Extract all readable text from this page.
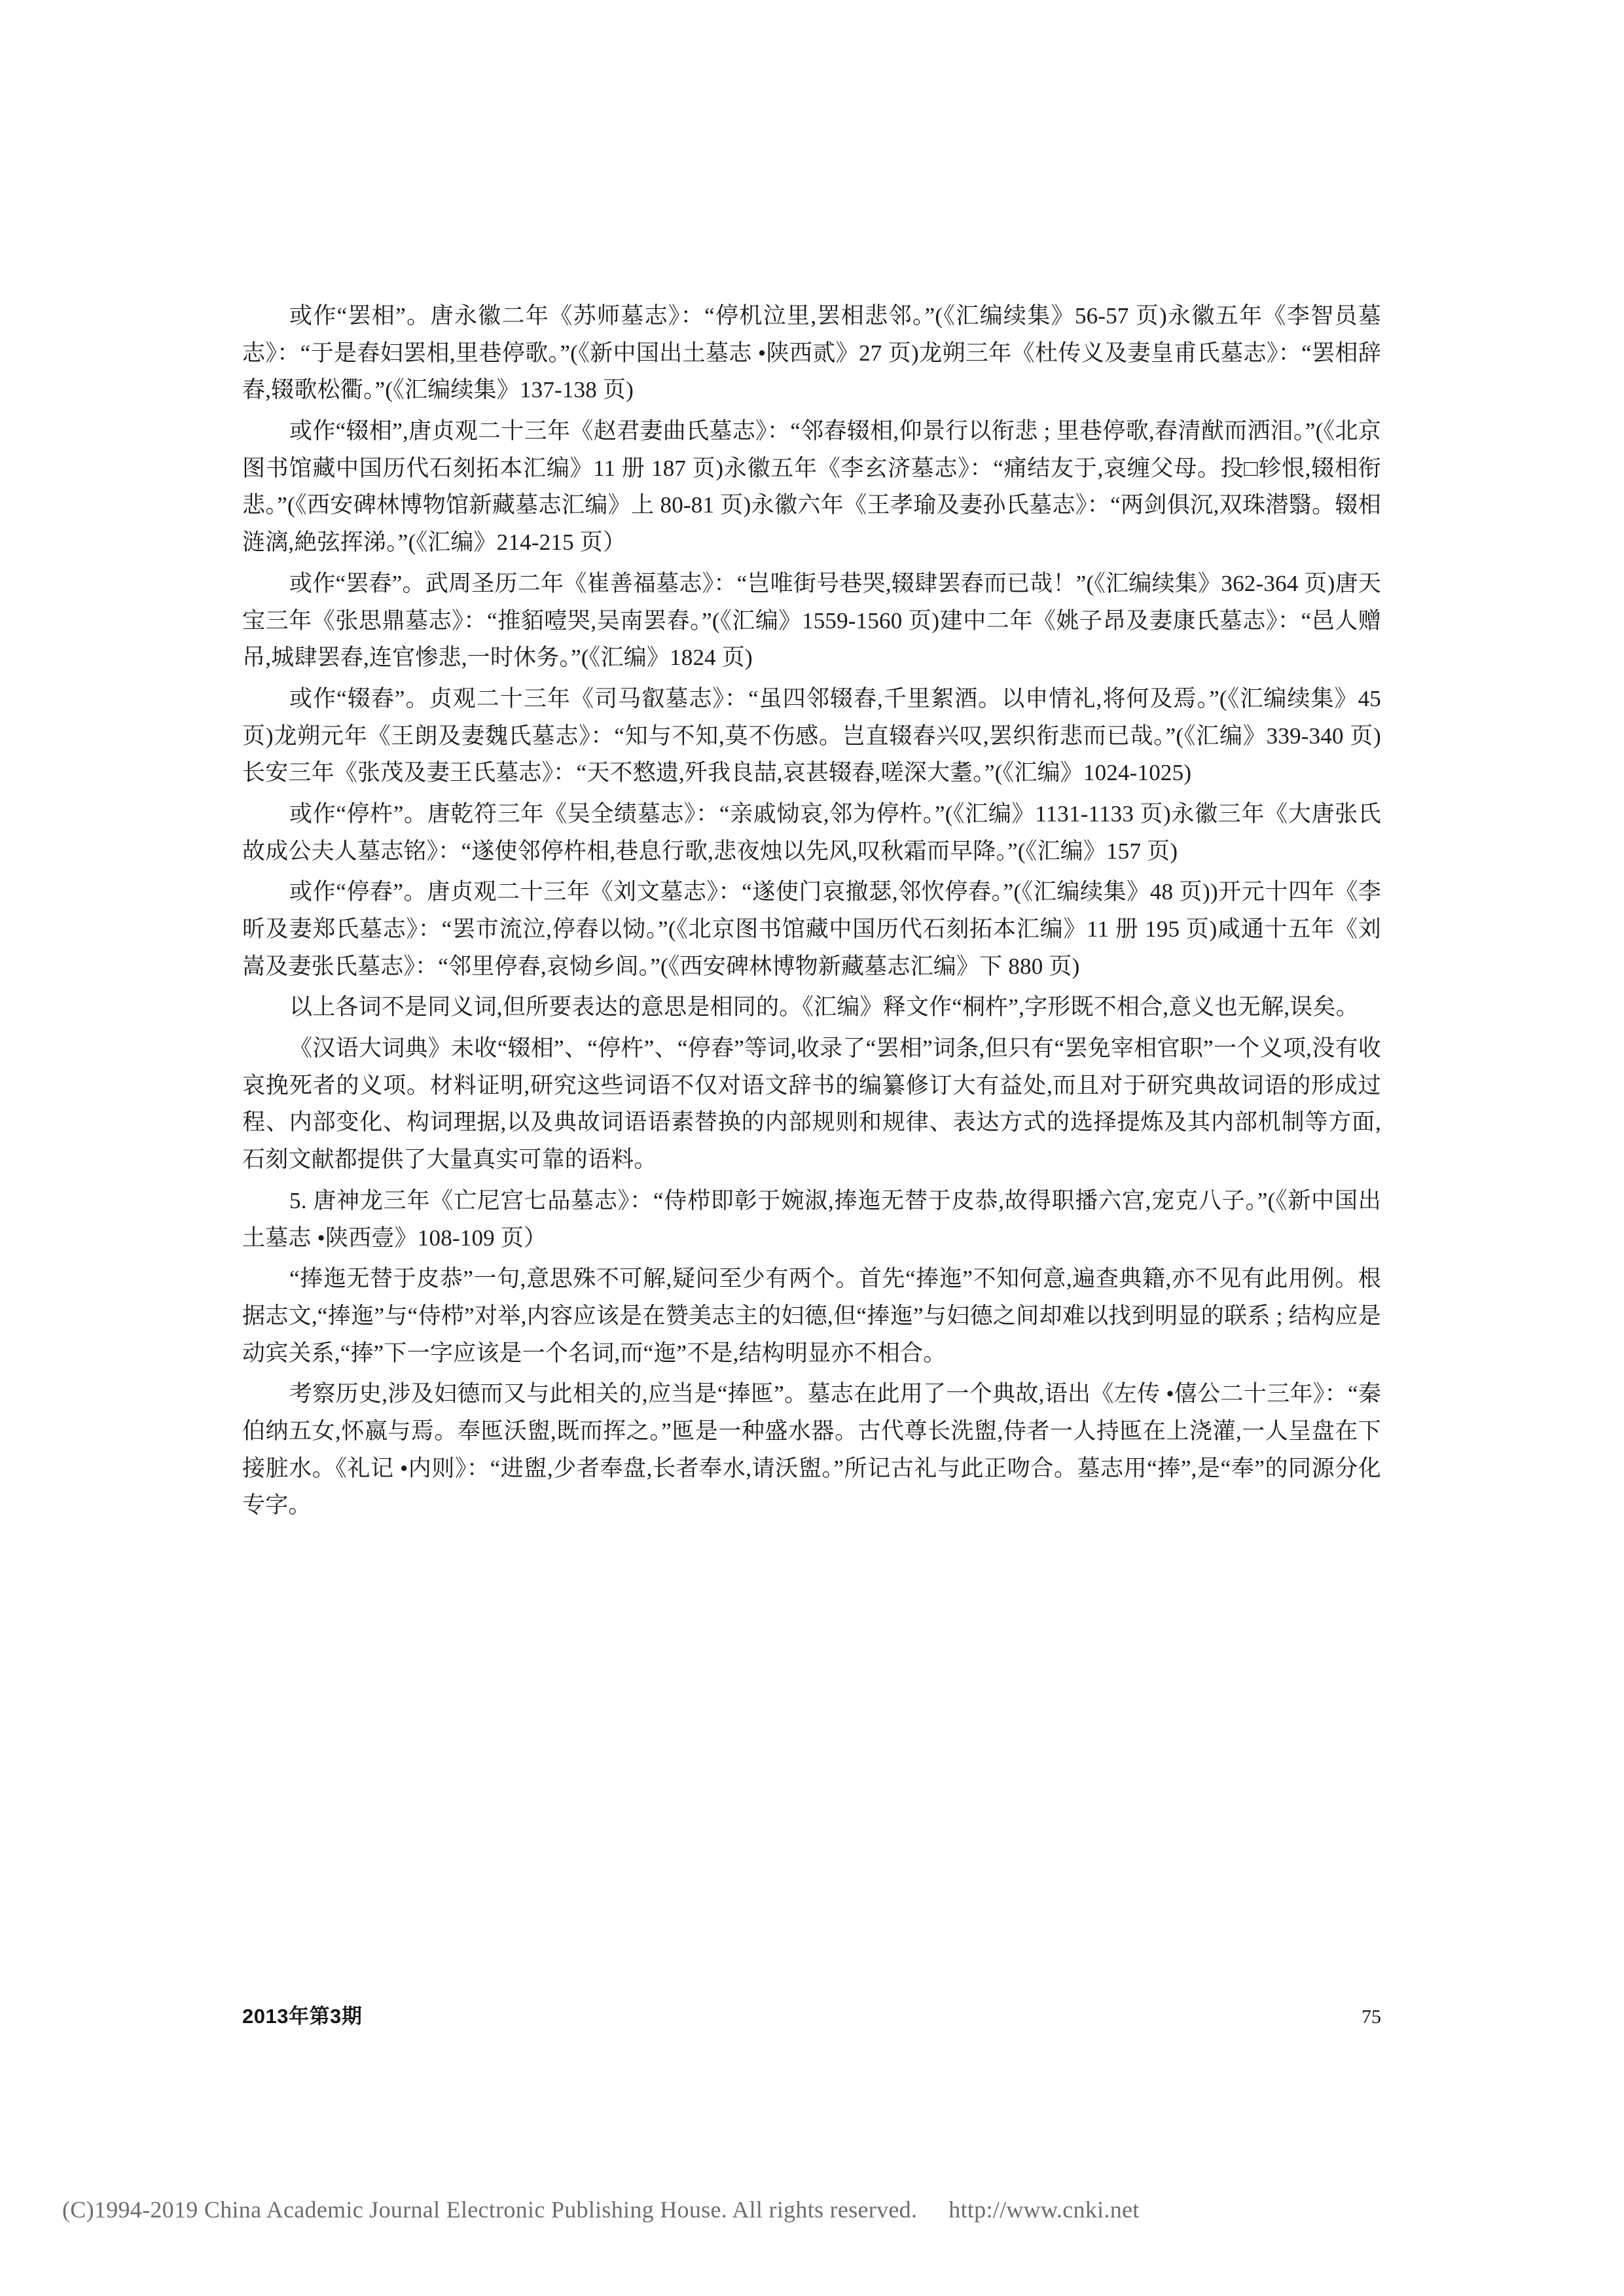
或作“罢相”。唐永徽二年《苏师墓志》：“停机泣里,罢相悲邻。”(《汇编续集》56-57 页)永徽五年《李智员墓志》：“于是舂妇罢相,里巷停歌。”(《新中国出土墓志 •陕西贰》27 页)龙朔三年《杜传义及妻皇甫氏墓志》：“罢相辞舂,辍歌松衢。”(《汇编续集》137-138 页)

或作“辍相”,唐贞观二十三年《赵君妻曲氏墓志》：“邻舂辍相,仰景行以衔悲 ; 里巷停歌,舂清猷而洒泪。”(《北京图书馆藏中国历代石刻拓本汇编》11 册 187 页)永徽五年《李玄济墓志》：“痛结友于,哀缠父母。投□轸恨,辍相衔悲。”(《西安碑林博物馆新藏墓志汇编》上 80-81 页)永徽六年《王孝瑜及妻孙氏墓志》：“两剑俱沉,双珠潜翳。辍相涟漓,絶弦挥涕。”(《汇编》214-215 页）

或作“罢舂”。武周圣历二年《崔善福墓志》：“岂唯街号巷哭,辍肆罢舂而已哉！”(《汇编续集》362-364 页)唐天宝三年《张思鼎墓志》：“推貊噎哭,吴南罢舂。”(《汇编》1559-1560 页)建中二年《姚子昂及妻康氏墓志》：“邑人赠吊,城肆罢舂,连官惨悲,一时休务。”(《汇编》1824 页)

或作“辍舂”。贞观二十三年《司马叡墓志》：“虽四邻辍舂,千里絮酒。以申情礼,将何及焉。”(《汇编续集》45 页)龙朔元年《王朗及妻魏氏墓志》：“知与不知,莫不伤感。岂直辍舂兴叹,罢织衔悲而已哉。”(《汇编》339-340 页)长安三年《张茂及妻王氏墓志》：“天不憗遗,歼我良喆,哀甚辍舂,嗟深大耋。”(《汇编》1024-1025)

或作“停杵”。唐乾符三年《吴全绩墓志》：“亲戚恸哀,邻为停杵。”(《汇编》1131-1133 页)永徽三年《大唐张氏故成公夫人墓志铭》：“遂使邻停杵相,巷息行歌,悲夜烛以先风,叹秋霜而早降。”(《汇编》157 页)

或作“停舂”。唐贞观二十三年《刘文墓志》：“遂使门哀撤瑟,邻忺停舂。”(《汇编续集》48 页))开元十四年《李昕及妻郑氏墓志》：“罢市流泣,停舂以恸。”(《北京图书馆藏中国历代石刻拓本汇编》11 册 195 页)咸通十五年《刘嵩及妻张氏墓志》：“邻里停舂,哀恸乡闾。”(《西安碑林博物新藏墓志汇编》下 880 页)

以上各词不是同义词,但所要表达的意思是相同的。《汇编》释文作“桐杵”,字形既不相合,意义也无解,误矣。

《汉语大词典》未收“辍相”、“停杵”、“停舂”等词,收录了“罢相”词条,但只有“罢免宰相官职”一个义项,没有收哀挽死者的义项。材料证明,研究这些词语不仅对语文辞书的编纂修订大有益处,而且对于研究典故词语的形成过程、内部变化、构词理据,以及典故词语语素替换的内部规则和规律、表达方式的选择提炼及其内部机制等方面,石刻文献都提供了大量真实可靠的语料。

5. 唐神龙三年《亡尼宫七品墓志》：“侍栉即彰于婉淑,捧迤无替于皮恭,故得职播六宫,宠克八子。”(《新中国出土墓志 •陕西壹》108-109 页）

“捧迤无替于皮恭”一句,意思殊不可解,疑问至少有两个。首先“捧迤”不知何意,遍查典籍,亦不见有此用例。根据志文,“捧迤”与“侍栉”对举,内容应该是在赞美志主的妇德,但“捧迤”与妇德之间却难以找到明显的联系 ; 结构应是动宾关系,“捧”下一字应该是一个名词,而“迤”不是,结构明显亦不相合。

考察历史,涉及妇德而又与此相关的,应当是“捧匜”。墓志在此用了一个典故,语出《左传 •僖公二十三年》：“秦伯纳五女,怀嬴与焉。奉匜沃盥,既而挥之。”匜是一种盛水器。古代尊长洗盥,侍者一人持匜在上浇灌,一人呈盘在下接脏水。《礼记 •内则》：“进盥,少者奉盘,长者奉水,请沃盥。”所记古礼与此正吻合。墓志用“捧”,是“奉”的同源分化专字。

2013年第3期	75
(C)1994-2019 China Academic Journal Electronic Publishing House. All rights reserved. http://www.cnki.net
